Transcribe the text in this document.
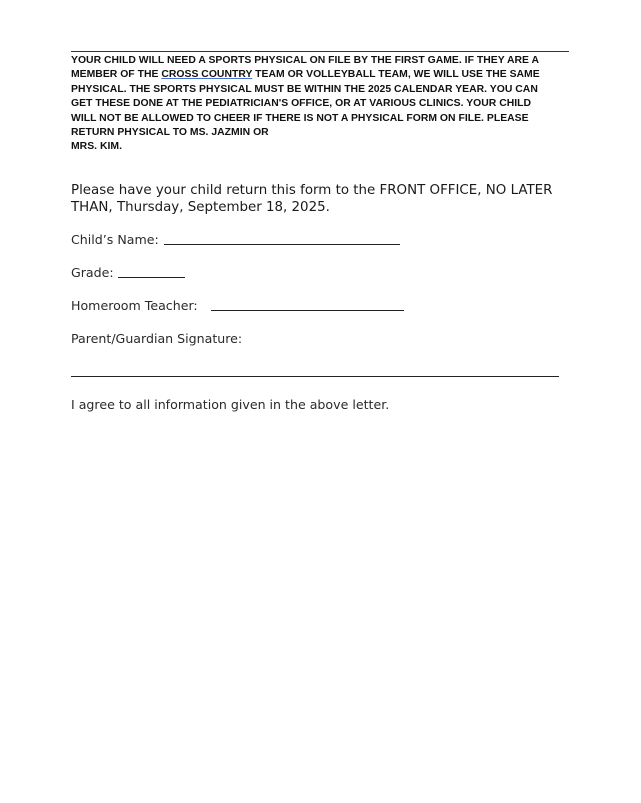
YOUR CHILD WILL NEED A SPORTS PHYSICAL ON FILE BY THE FIRST GAME. IF THEY ARE A
MEMBER OF THE CROSS COUNTRY TEAM OR VOLLEYBALL TEAM, WE WILL USE THE SAME
PHYSICAL. THE SPORTS PHYSICAL MUST BE WITHIN THE 2025 CALENDAR YEAR. YOU CAN
GET THESE DONE AT THE PEDIATRICIAN'S OFFICE, OR AT VARIOUS CLINICS. YOUR CHILD
WILL NOT BE ALLOWED TO CHEER IF THERE IS NOT A PHYSICAL FORM ON FILE. PLEASE
RETURN PHYSICAL TO MS. JAZMIN OR
MRS. KIM.
Please have your child return this form to the FRONT OFFICE, NO LATER
THAN, Thursday, September 18, 2025.
Child’s Name:
Grade:
Homeroom Teacher:
Parent/Guardian Signature:
I agree to all information given in the above letter.
